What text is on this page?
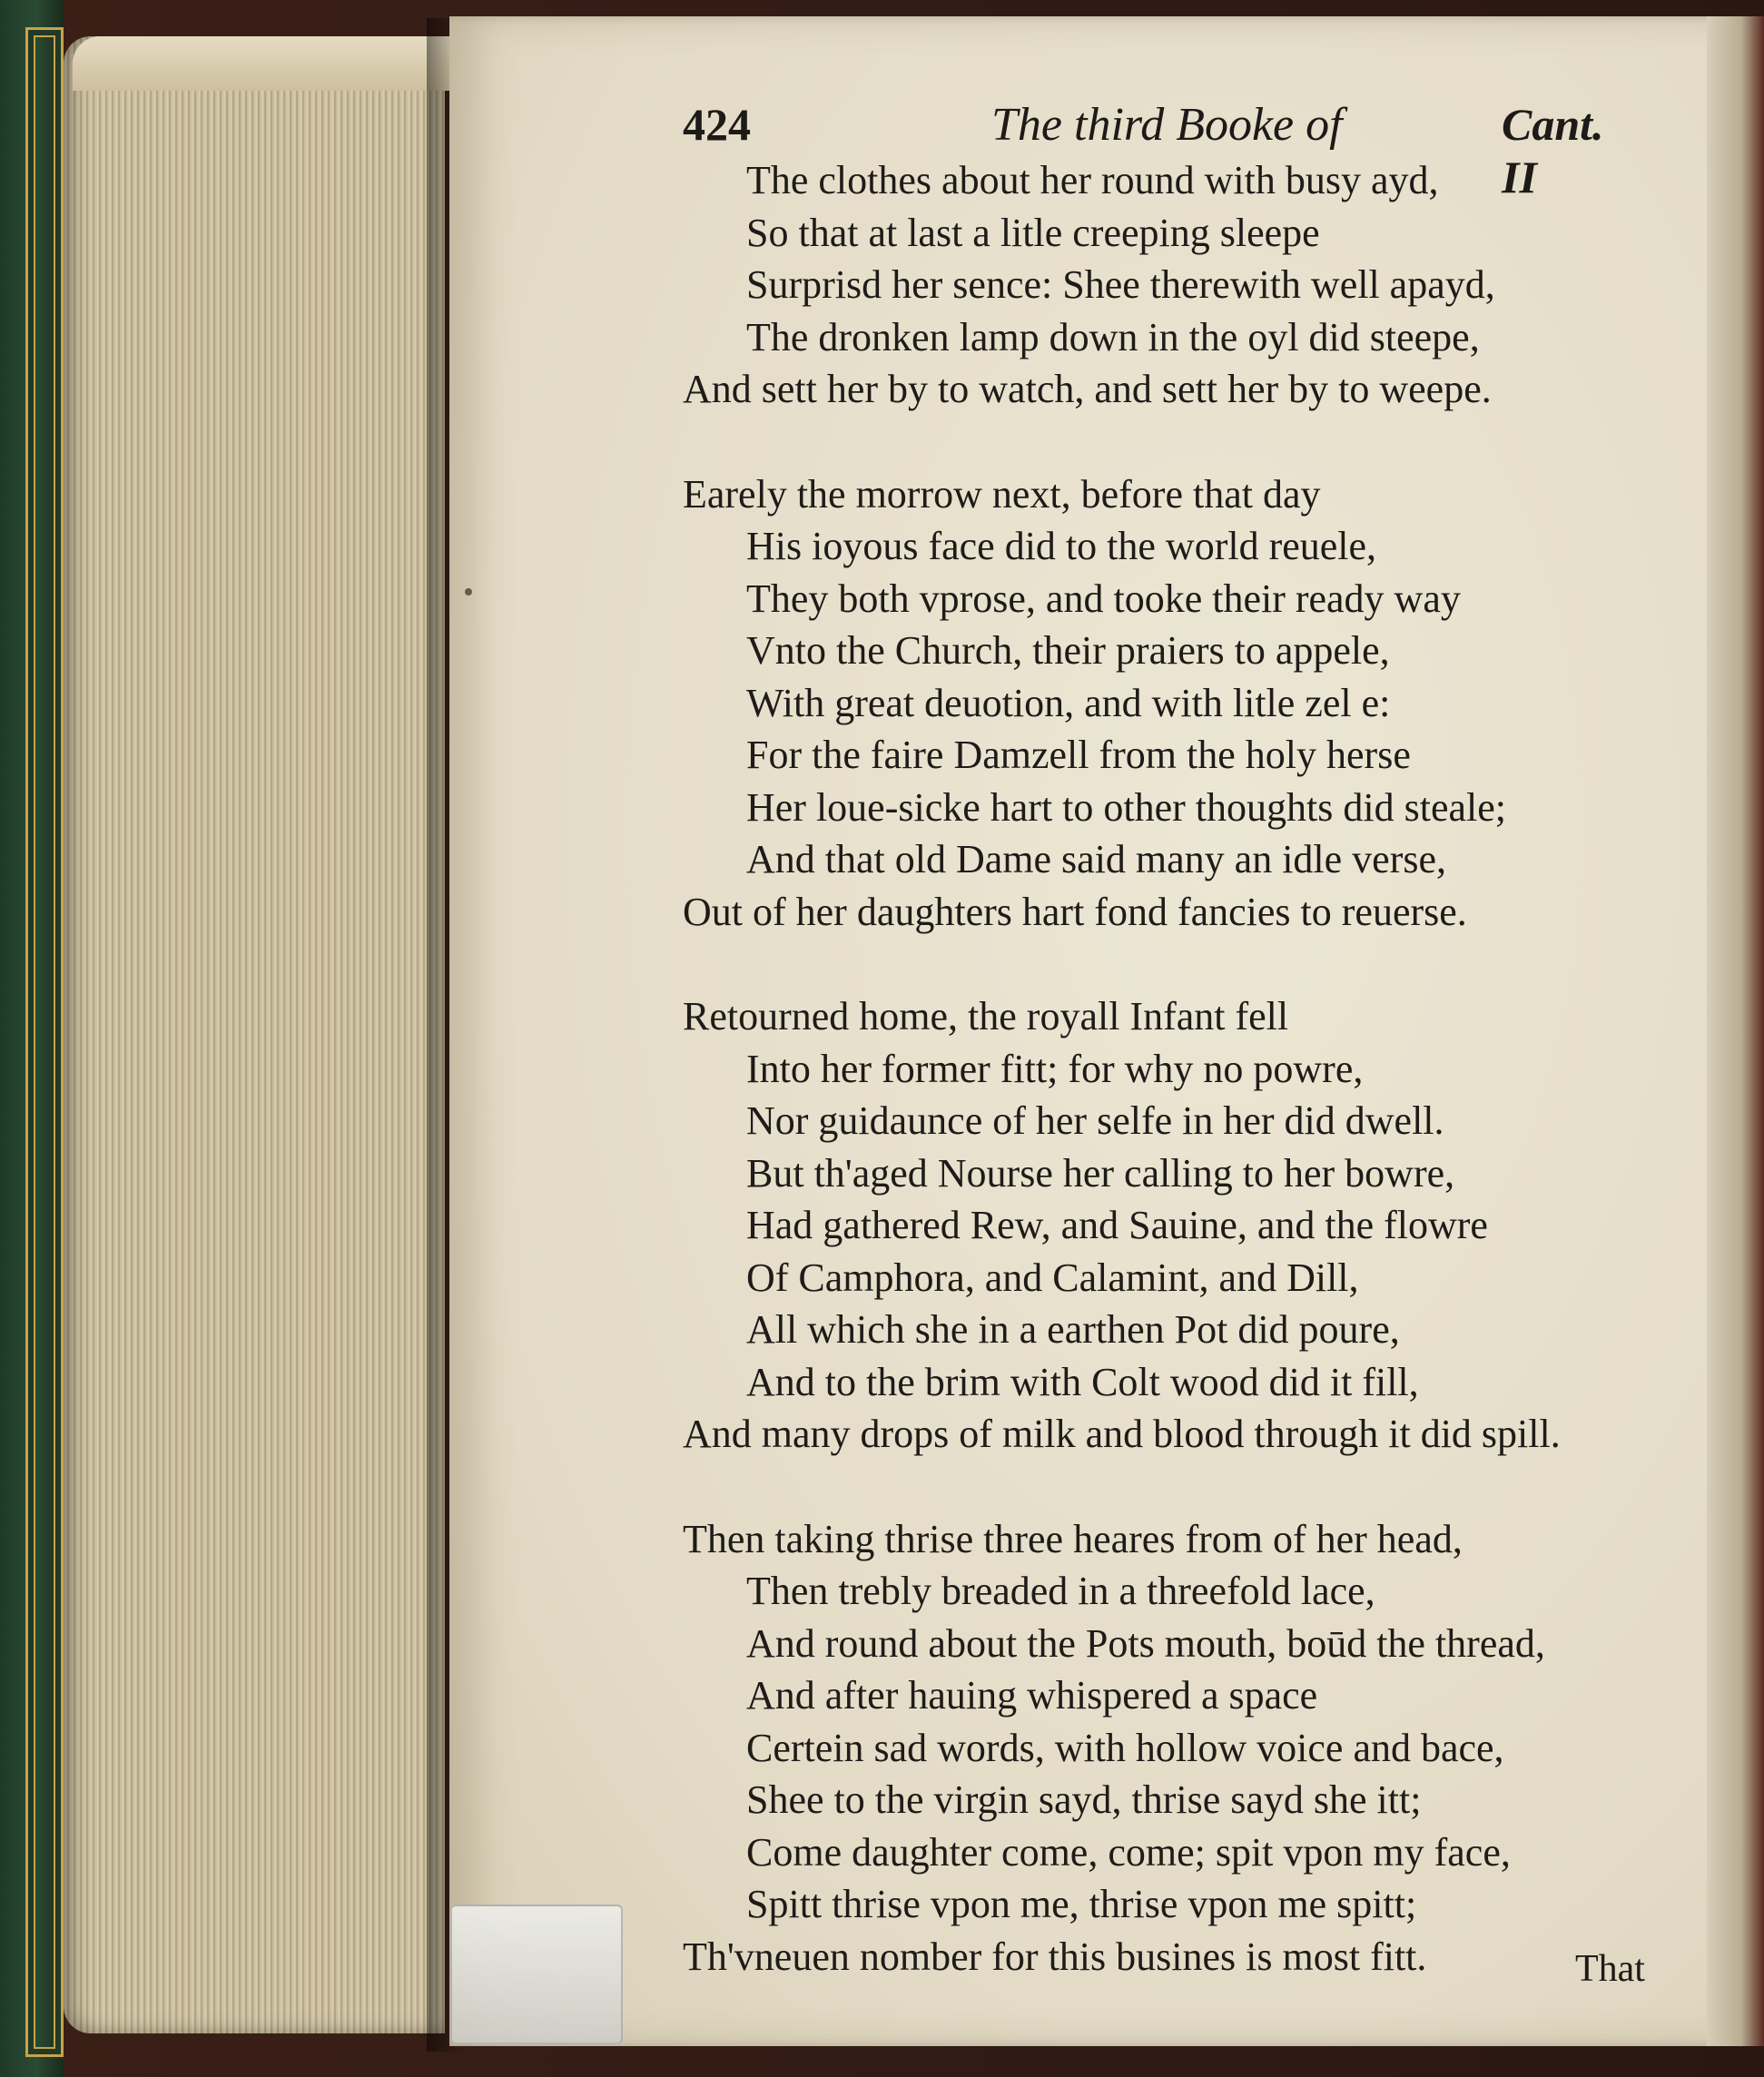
424	The third Booke of	Cant. II
The clothes about her round with busy ayd,
So that at last a litle creeping sleepe
Surprisd her sence: Shee therewith well apayd,
The dronken lamp down in the oyl did steepe,
And sett her by to watch, and sett her by to weepe.
Earely the morrow next, before that day
His ioyous face did to the world reuele,
They both vprose, and tooke their ready way
Vnto the Church, their praiers to appele,
With great deuotion, and with litle zel e:
For the faire Damzell from the holy herse
Her loue-sicke hart to other thoughts did steale;
And that old Dame said many an idle verse,
Out of her daughters hart fond fancies to reuerse.
Retourned home, the royall Infant fell
Into her former fitt; for why no powre,
Nor guidaunce of her selfe in her did dwell.
But th'aged Nourse her calling to her bowre,
Had gathered Rew, and Sauine, and the flowre
Of Camphora, and Calamint, and Dill,
All which she in a earthen Pot did poure,
And to the brim with Colt wood did it fill,
And many drops of milk and blood through it did spill.
Then taking thrise three heares from of her head,
Then trebly breaded in a threefold lace,
And round about the Pots mouth, boūd the thread,
And after hauing whispered a space
Certein sad words, with hollow voice and bace,
Shee to the virgin sayd, thrise sayd she itt;
Come daughter come, come; spit vpon my face,
Spitt thrise vpon me, thrise vpon me spitt;
Th'vneuen nomber for this busines is most fitt.	That
